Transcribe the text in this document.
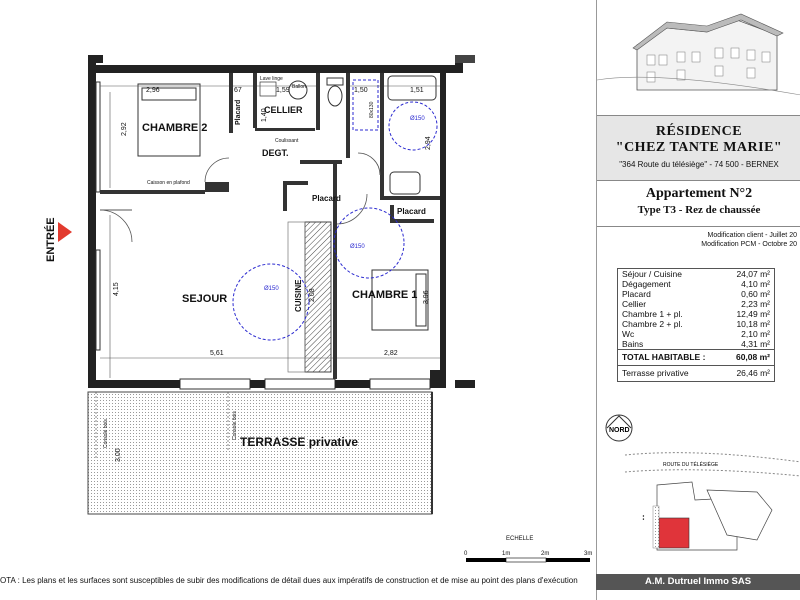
CHAMBRE 2
CELLIER
DEGT.
SEJOUR	CUISINE	CHAMBRE 1
Placard
Placard
Placard
TERRASSE privative
Lave linge
Ballon
Coulissant
Caisson en plafond
80x130
Console bois	Console bois
ECHELLE
2,96	67	1,59	1,50	1,51
2,92
1,40
2,94
4,15	2,08	3,96
5,61	2,82
3,00
Ø150
Ø150
Ø150
ENTRÉE
0	1m	2m	3m
RÉSIDENCE
"CHEZ TANTE MARIE"
"364 Route du télésiège" - 74 500 - BERNEX
Appartement N°2
Type T3 - Rez de chaussée
Modification client - Juillet 20
Modification PCM - Octobre 20
Séjour / Cuisine	24,07 m²
Dégagement	4,10 m²
Placard	0,60 m²
Cellier	2,23 m²
Chambre 1 + pl.	12,49 m²
Chambre 2 + pl.	10,18 m²
Wc	2,10 m²
Bains	4,31 m²
TOTAL HABITABLE :	60,08 m²
Terrasse privative	26,46 m²
NORD
ROUTE DU TÉLÉSIÈGE
▪ ▪
OTA : Les plans et les surfaces sont susceptibles de subir des modifications de détail dues aux impératifs de construction et de mise au point des plans d'exécution	A.M. Dutruel Immo SAS
